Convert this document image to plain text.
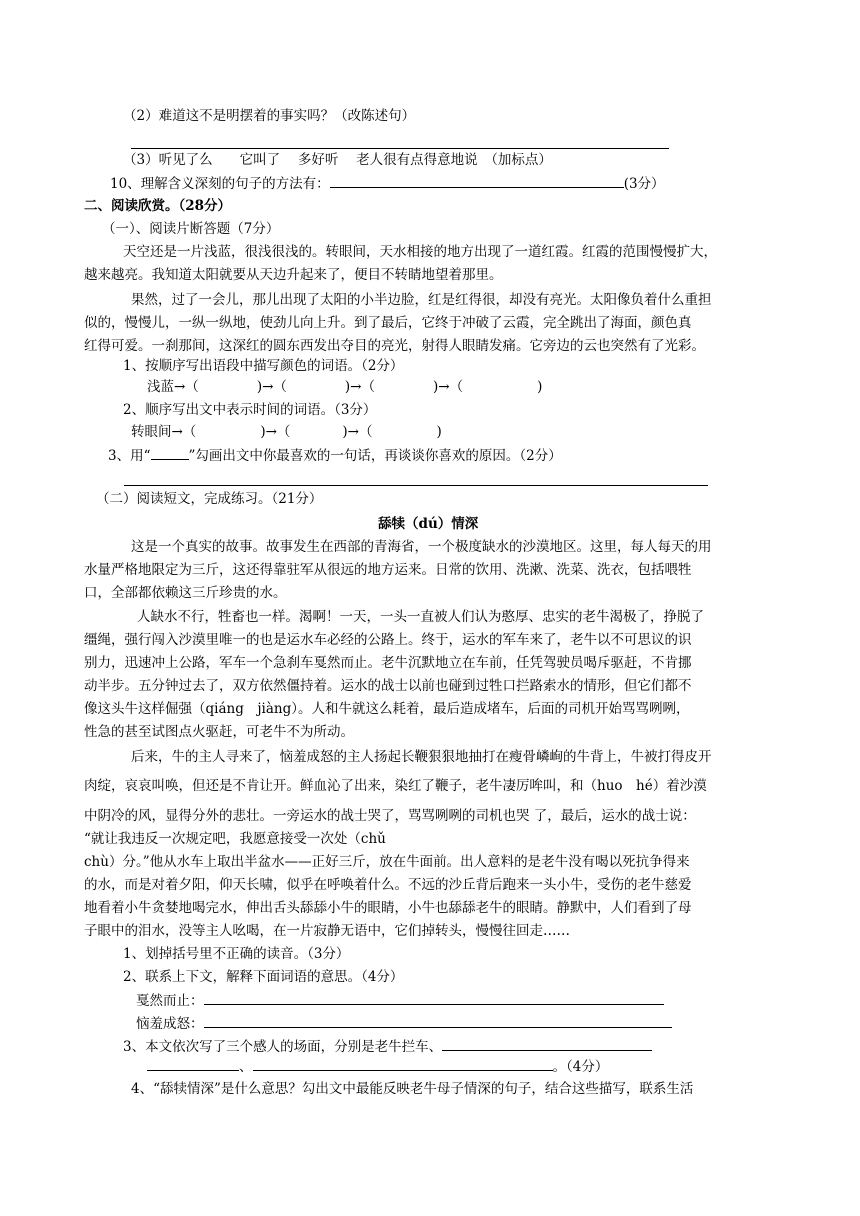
（2）难道这不是明摆着的事实吗？（改陈述句）
（3）听见了么　　它叫了　 多好听　 老人很有点得意地说　（加标点）
10、理解含义深刻的句子的方法有：	(3分）
二、阅读欣赏。（28分）
（一）、阅读片断答题（7分）
天空还是一片浅蓝，很浅很浅的。转眼间，天水相接的地方出现了一道红霞。红霞的范围慢慢扩大，
越来越亮。我知道太阳就要从天边升起来了，便目不转睛地望着那里。
果然，过了一会儿，那儿出现了太阳的小半边脸，红是红得很，却没有亮光。太阳像负着什么重担
似的，慢慢儿，一纵一纵地，使劲儿向上升。到了最后，它终于冲破了云霞，完全跳出了海面，颜色真
红得可爱。一刹那间，这深红的圆东西发出夺目的亮光，射得人眼睛发痛。它旁边的云也突然有了光彩。
1、按顺序写出语段中描写颜色的词语。（2分）
浅蓝→（	)→（	)→（	)→（	)
2、顺序写出文中表示时间的词语。（3分）
转眼间→（	)→（	)→（	)
3、用“	”勾画出文中你最喜欢的一句话，再谈谈你喜欢的原因。（2分）
（二）阅读短文，完成练习。（21分）
舔犊（dú）情深
这是一个真实的故事。故事发生在西部的青海省，一个极度缺水的沙漠地区。这里，每人每天的用
水量严格地限定为三斤，这还得靠驻军从很远的地方运来。日常的饮用、洗漱、洗菜、洗衣，包括喂牲
口，全部都依赖这三斤珍贵的水。
人缺水不行，牲畜也一样。渴啊！一天，一头一直被人们认为憨厚、忠实的老牛渴极了，挣脱了
缰绳，强行闯入沙漠里唯一的也是运水车必经的公路上。终于，运水的军车来了，老牛以不可思议的识
别力，迅速冲上公路，军车一个急刹车戛然而止。老牛沉默地立在车前，任凭驾驶员喝斥驱赶，不肯挪
动半步。五分钟过去了，双方依然僵持着。运水的战士以前也碰到过牲口拦路索水的情形，但它们都不
像这头牛这样倔强（qiáng　jiàng）。人和牛就这么耗着，最后造成堵车，后面的司机开始骂骂咧咧，
性急的甚至试图点火驱赶，可老牛不为所动。
后来，牛的主人寻来了，恼羞成怒的主人扬起长鞭狠狠地抽打在瘦骨嶙峋的牛背上，牛被打得皮开
肉绽，哀哀叫唤，但还是不肯让开。鲜血沁了出来，染红了鞭子，老牛凄厉哞叫，和（huo　hé）着沙漠
中阴冷的风，显得分外的悲壮。一旁运水的战士哭了，骂骂咧咧的司机也哭 了，最后，运水的战士说：
“就让我违反一次规定吧，我愿意接受一次处（chǔ
chù）分。”他从水车上取出半盆水——正好三斤，放在牛面前。出人意料的是老牛没有喝以死抗争得来
的水，而是对着夕阳，仰天长啸，似乎在呼唤着什么。不远的沙丘背后跑来一头小牛，受伤的老牛慈爱
地看着小牛贪婪地喝完水，伸出舌头舔舔小牛的眼睛，小牛也舔舔老牛的眼睛。静默中，人们看到了母
子眼中的泪水，没等主人吆喝，在一片寂静无语中，它们掉转头，慢慢往回走……
1、划掉括号里不正确的读音。（3分）
2、联系上下文，解释下面词语的意思。（4分）
戛然而止：
恼羞成怒：
3、本文依次写了三个感人的场面，分别是老牛拦车、
、	。（4分）
4、“舔犊情深”是什么意思？勾出文中最能反映老牛母子情深的句子，结合这些描写，联系生活
